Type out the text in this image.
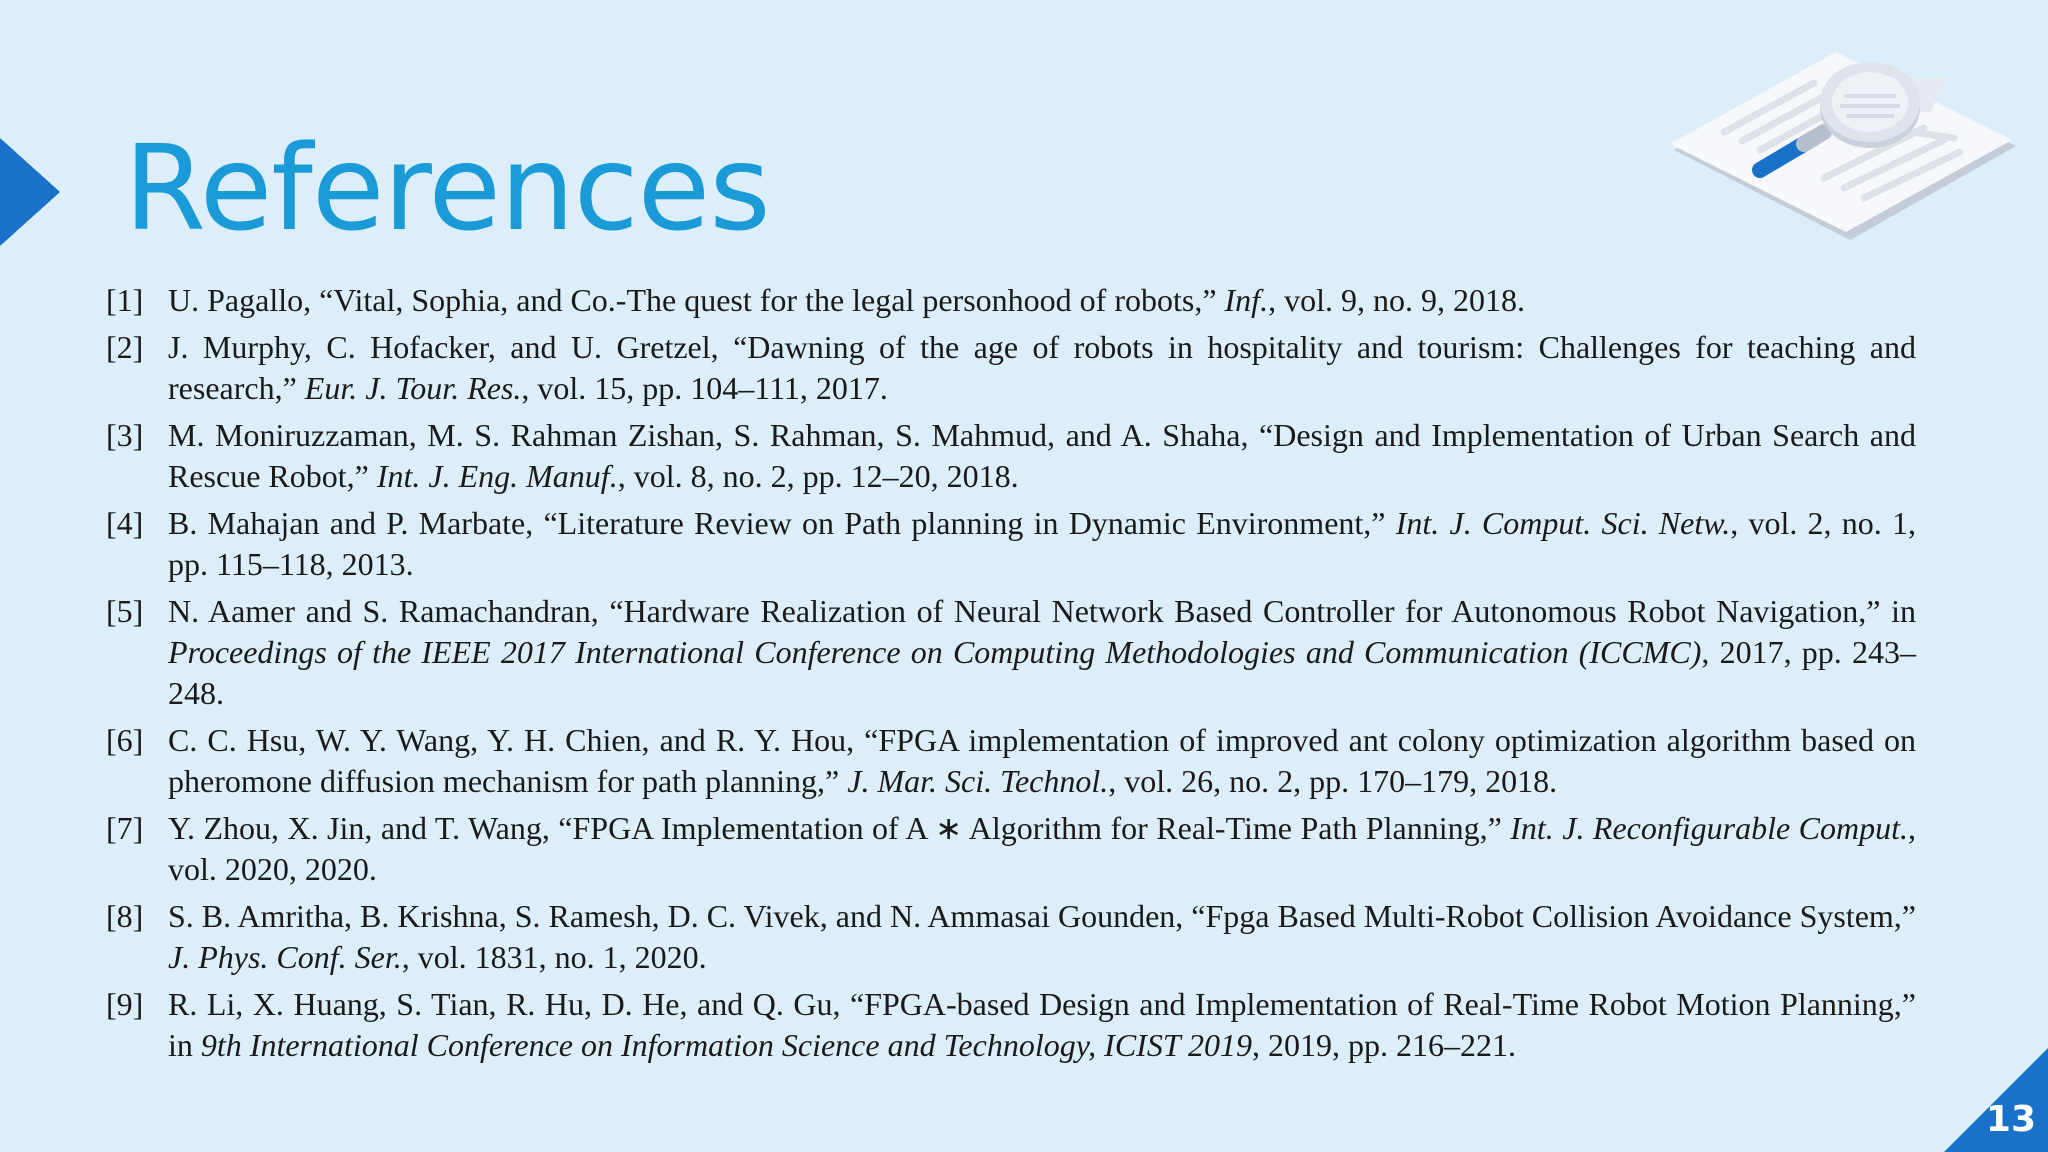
References
[1] U. Pagallo, “Vital, Sophia, and Co.-The quest for the legal personhood of robots,” Inf., vol. 9, no. 9, 2018.
[2] J. Murphy, C. Hofacker, and U. Gretzel, “Dawning of the age of robots in hospitality and tourism: Challenges for teaching and research,” Eur. J. Tour. Res., vol. 15, pp. 104–111, 2017.
[3] M. Moniruzzaman, M. S. Rahman Zishan, S. Rahman, S. Mahmud, and A. Shaha, “Design and Implementation of Urban Search and Rescue Robot,” Int. J. Eng. Manuf., vol. 8, no. 2, pp. 12–20, 2018.
[4] B. Mahajan and P. Marbate, “Literature Review on Path planning in Dynamic Environment,” Int. J. Comput. Sci. Netw., vol. 2, no. 1, pp. 115–118, 2013.
[5] N. Aamer and S. Ramachandran, “Hardware Realization of Neural Network Based Controller for Autonomous Robot Navigation,” in Proceedings of the IEEE 2017 International Conference on Computing Methodologies and Communication (ICCMC), 2017, pp. 243–248.
[6] C. C. Hsu, W. Y. Wang, Y. H. Chien, and R. Y. Hou, “FPGA implementation of improved ant colony optimization algorithm based on pheromone diffusion mechanism for path planning,” J. Mar. Sci. Technol., vol. 26, no. 2, pp. 170–179, 2018.
[7] Y. Zhou, X. Jin, and T. Wang, “FPGA Implementation of A ∗ Algorithm for Real-Time Path Planning,” Int. J. Reconfigurable Comput., vol. 2020, 2020.
[8] S. B. Amritha, B. Krishna, S. Ramesh, D. C. Vivek, and N. Ammasai Gounden, “Fpga Based Multi-Robot Collision Avoidance System,” J. Phys. Conf. Ser., vol. 1831, no. 1, 2020.
[9] R. Li, X. Huang, S. Tian, R. Hu, D. He, and Q. Gu, “FPGA-based Design and Implementation of Real-Time Robot Motion Planning,” in 9th International Conference on Information Science and Technology, ICIST 2019, 2019, pp. 216–221.
13
